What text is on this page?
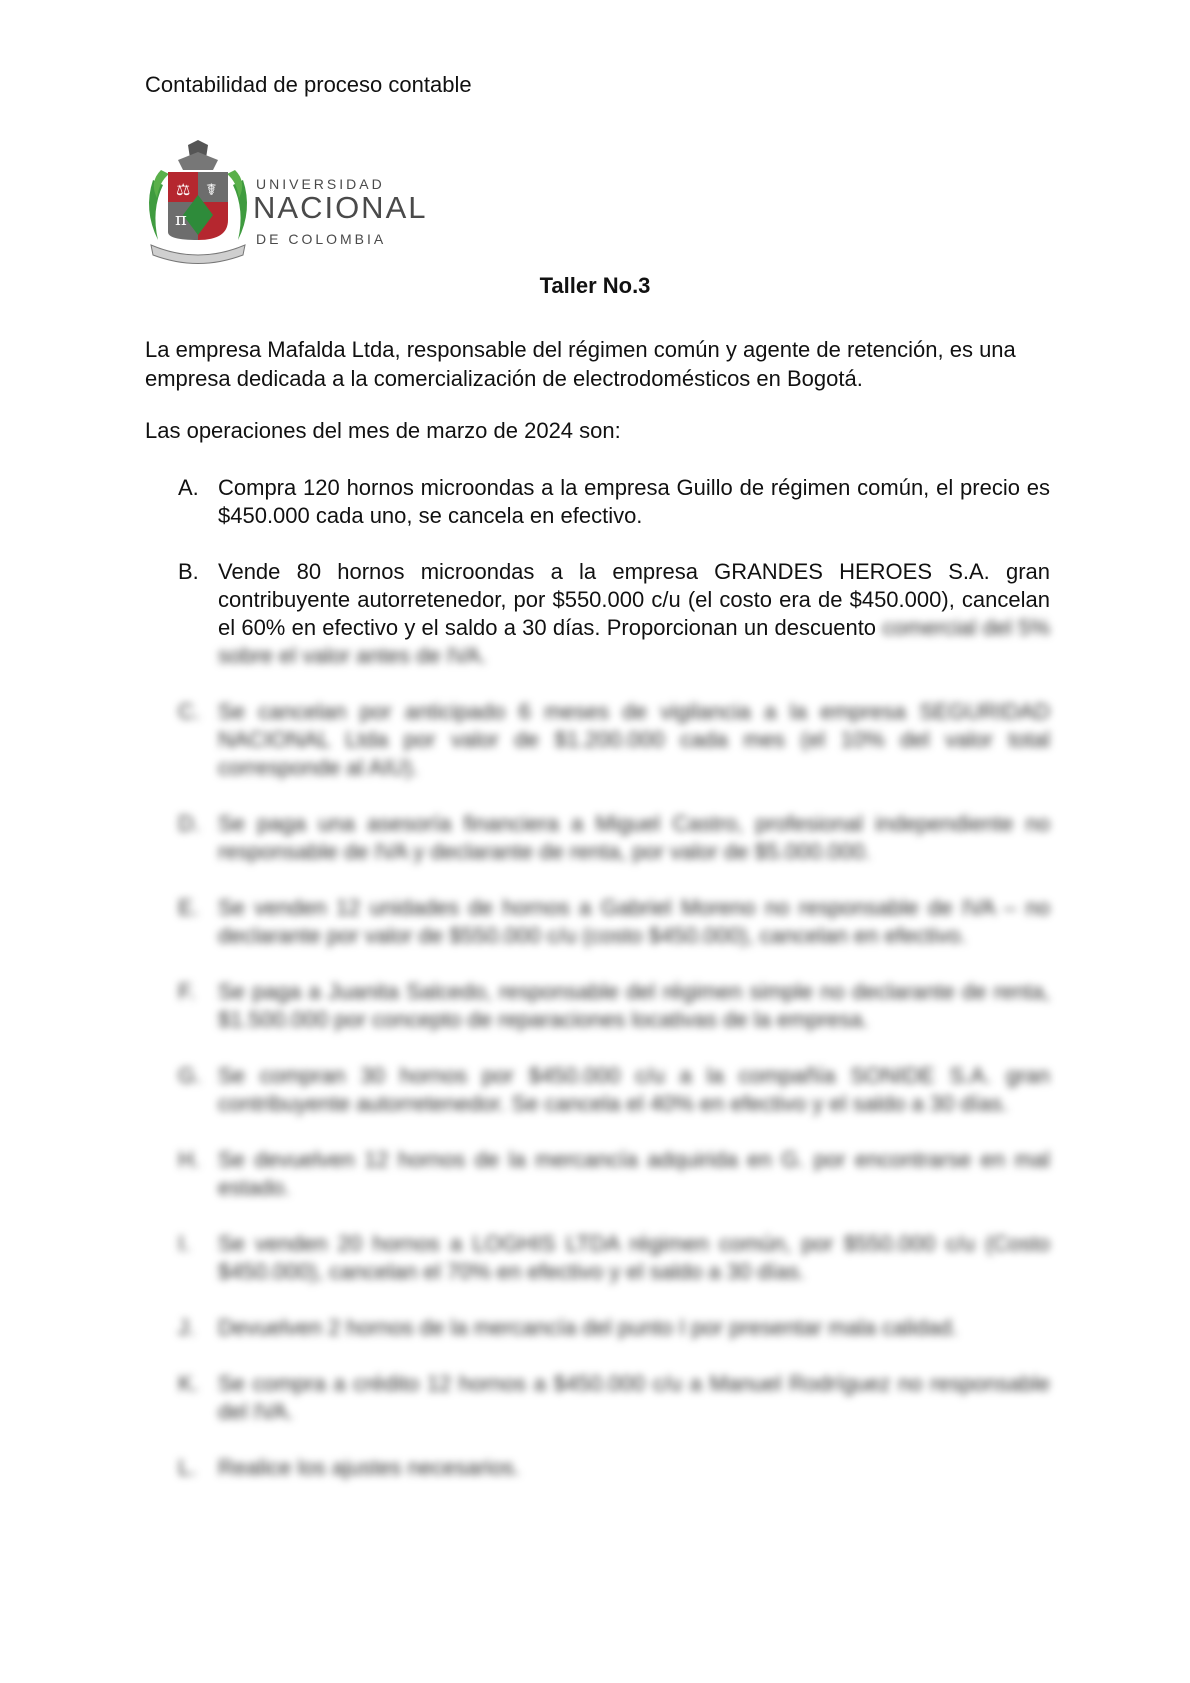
Contabilidad de proceso contable
⚖ ☤
π
UNIVERSIDAD
NACIONAL
DE COLOMBIA
Taller No.3
La empresa Mafalda Ltda, responsable del régimen común y agente de retención, es una empresa dedicada a la comercialización de electrodomésticos en Bogotá.
Las operaciones del mes de marzo de 2024 son:
A. Compra 120 hornos microondas a la empresa Guillo de régimen común, el precio es $450.000 cada uno, se cancela en efectivo.
B. Vende 80 hornos microondas a la empresa GRANDES HEROES S.A. gran contribuyente autorretenedor, por $550.000 c/u (el costo era de $450.000), cancelan el 60% en efectivo y el saldo a 30 días. Proporcionan un descuento comercial del 5% sobre el valor antes de IVA.
C. Se cancelan por anticipado 6 meses de vigilancia a la empresa SEGURIDAD NACIONAL Ltda por valor de $1.200.000 cada mes (el 10% del valor total corresponde al AIU).
D. Se paga una asesoría financiera a Miguel Castro, profesional independiente no responsable de IVA y declarante de renta, por valor de $5.000.000.
E. Se venden 12 unidades de hornos a Gabriel Moreno no responsable de IVA – no declarante por valor de $550.000 c/u (costo $450.000), cancelan en efectivo.
F.	Se paga a Juanita Salcedo, responsable del régimen simple no declarante de renta, $1.500.000 por concepto de reparaciones locativas de la empresa.
G. Se compran 30 hornos por $450.000 c/u a la compañía SONIDE S.A. gran contribuyente autorretenedor. Se cancela el 40% en efectivo y el saldo a 30 días.
H. Se devuelven 12 hornos de la mercancía adquirida en G. por encontrarse en mal estado.
I.	Se venden 20 hornos a LOGHIS LTDA régimen común, por $550.000 c/u (Costo $450.000), cancelan el 70% en efectivo y el saldo a 30 días.
J.	Devuelven 2 hornos de la mercancía del punto I por presentar mala calidad.
K. Se compra a crédito 12 hornos a $450.000 c/u a Manuel Rodríguez no responsable del IVA.
L. Realice los ajustes necesarios.
